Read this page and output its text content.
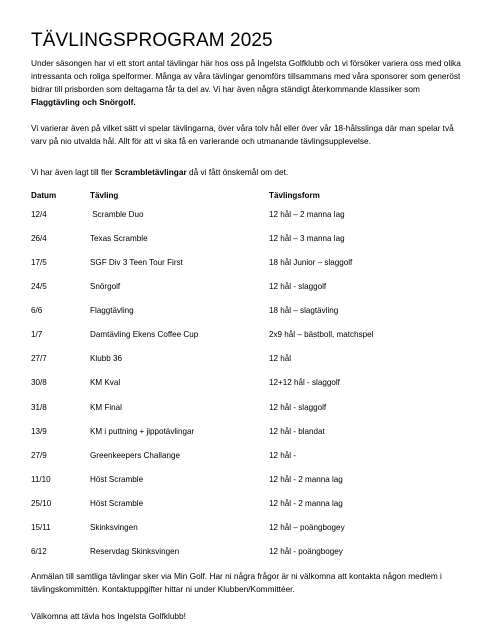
TÄVLINGSPROGRAM 2025
Under säsongen har vi ett stort antal tävlingar här hos oss på Ingelsta Golfklubb och vi försöker variera oss med olika intressanta och roliga spelformer. Många av våra tävlingar genomförs tillsammans med våra sponsorer som generöst bidrar till prisborden som deltagarna får ta del av. Vi har även några ständigt återkommande klassiker som Flaggtävling och Snörgolf.
Vi varierar även på vilket sätt vi spelar tävlingarna, över våra tolv hål eller över vår 18-hålsslinga där man spelar två varv på nio utvalda hål. Allt för att vi ska få en varierande och utmanande tävlingsupplevelse.
Vi har även lagt till fler Scrambletävlingar då vi fått önskemål om det.
Datum	Tävling	Tävlingsform
12/4	Scramble Duo	12 hål – 2 manna lag
26/4	Texas Scramble	12 hål – 3 manna lag
17/5	SGF Div 3 Teen Tour First	18 hål Junior – slaggolf
24/5	Snörgolf	12 hål - slaggolf
6/6	Flaggtävling	18 hål – slagtävling
1/7	Damtävling Ekens Coffee Cup	2x9 hål – bästboll, matchspel
27/7	Klubb 36	12 hål
30/8	KM Kval	12+12 hål - slaggolf
31/8	KM Final	12 hål - slaggolf
13/9	KM i puttning + jippotävlingar	12 hål - blandat
27/9	Greenkeepers Challange	12 hål -
11/10	Höst Scramble	12 hål - 2 manna lag
25/10	Höst Scramble	12 hål - 2 manna lag
15/11	Skinksvingen	12 hål – poängbogey
6/12	Reservdag Skinksvingen	12 hål - poängbogey
Anmälan till samtliga tävlingar sker via Min Golf. Har ni några frågor är ni välkomna att kontakta någon medlem i tävlingskommittén. Kontaktuppgifter hittar ni under Klubben/Kommittéer.
Välkomna att tävla hos Ingelsta Golfklubb!
